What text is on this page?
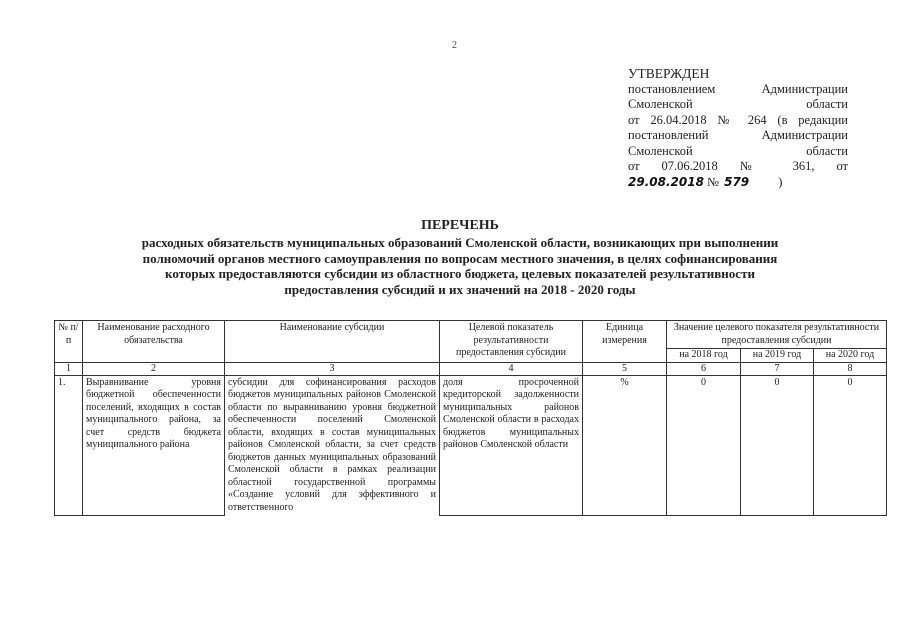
2
УТВЕРЖДЕН
постановлением Администрации
Смоленской области
от 26.04.2018 № 264 (в редакции
постановлений Администрации
Смоленской области
от 07.06.2018 № 361, от
29.08.2018 № 579 )
ПЕРЕЧЕНЬ
расходных обязательств муниципальных образований Смоленской области, возникающих при выполнении
полномочий органов местного самоуправления по вопросам местного значения, в целях софинансирования
которых предоставляются субсидии из областного бюджета, целевых показателей результативности
предоставления субсидий и их значений на 2018 - 2020 годы
№ п/п	Наименование расходного обязательства	Наименование субсидии	Целевой показатель результативности предоставления субсидии	Единица измерения	Значение целевого показателя результативности предоставления субсидии		
					на 2018 год	на 2019 год	на 2020 год
1	2	3	4	5	6	7	8
1.	Выравнивание уровня бюджетной обеспеченности поселений, входящих в состав муниципального района, за счет средств бюджета муниципального района	субсидии для софинансирования расходов бюджетов муниципальных районов Смоленской области по выравниванию уровня бюджетной обеспеченности поселений Смоленской области, входящих в состав муниципальных районов Смоленской области, за счет средств бюджетов данных муниципальных образований Смоленской области в рамках реализации областной государственной программы «Создание условий для эффективного и ответственного	доля просроченной кредиторской задолженности муниципальных районов Смоленской области в расходах бюджетов муниципальных районов Смоленской области	%	0	0	0
